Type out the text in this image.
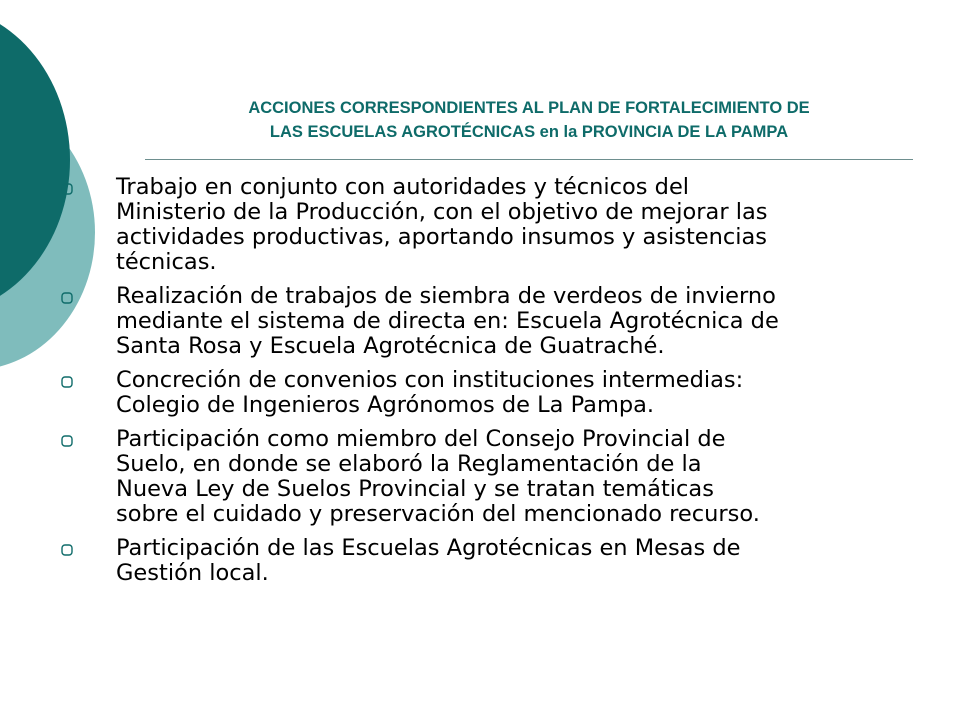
ACCIONES CORRESPONDIENTES AL PLAN DE FORTALECIMIENTO DE
LAS ESCUELAS AGROTÉCNICAS en la PROVINCIA DE LA PAMPA
Trabajo en conjunto con autoridades y técnicos del
Ministerio de la Producción, con el objetivo de mejorar las
actividades productivas, aportando insumos y asistencias
técnicas.
Realización de trabajos de siembra de verdeos de invierno
mediante el sistema de directa en: Escuela Agrotécnica de
Santa Rosa y Escuela Agrotécnica de Guatraché.
Concreción de convenios con instituciones intermedias:
Colegio de Ingenieros Agrónomos de La Pampa.
Participación como miembro del Consejo Provincial de
Suelo, en donde se elaboró la Reglamentación de la
Nueva Ley de Suelos Provincial y se tratan temáticas
sobre el cuidado y preservación del mencionado recurso.
Participación de las Escuelas Agrotécnicas en Mesas de
Gestión local.
